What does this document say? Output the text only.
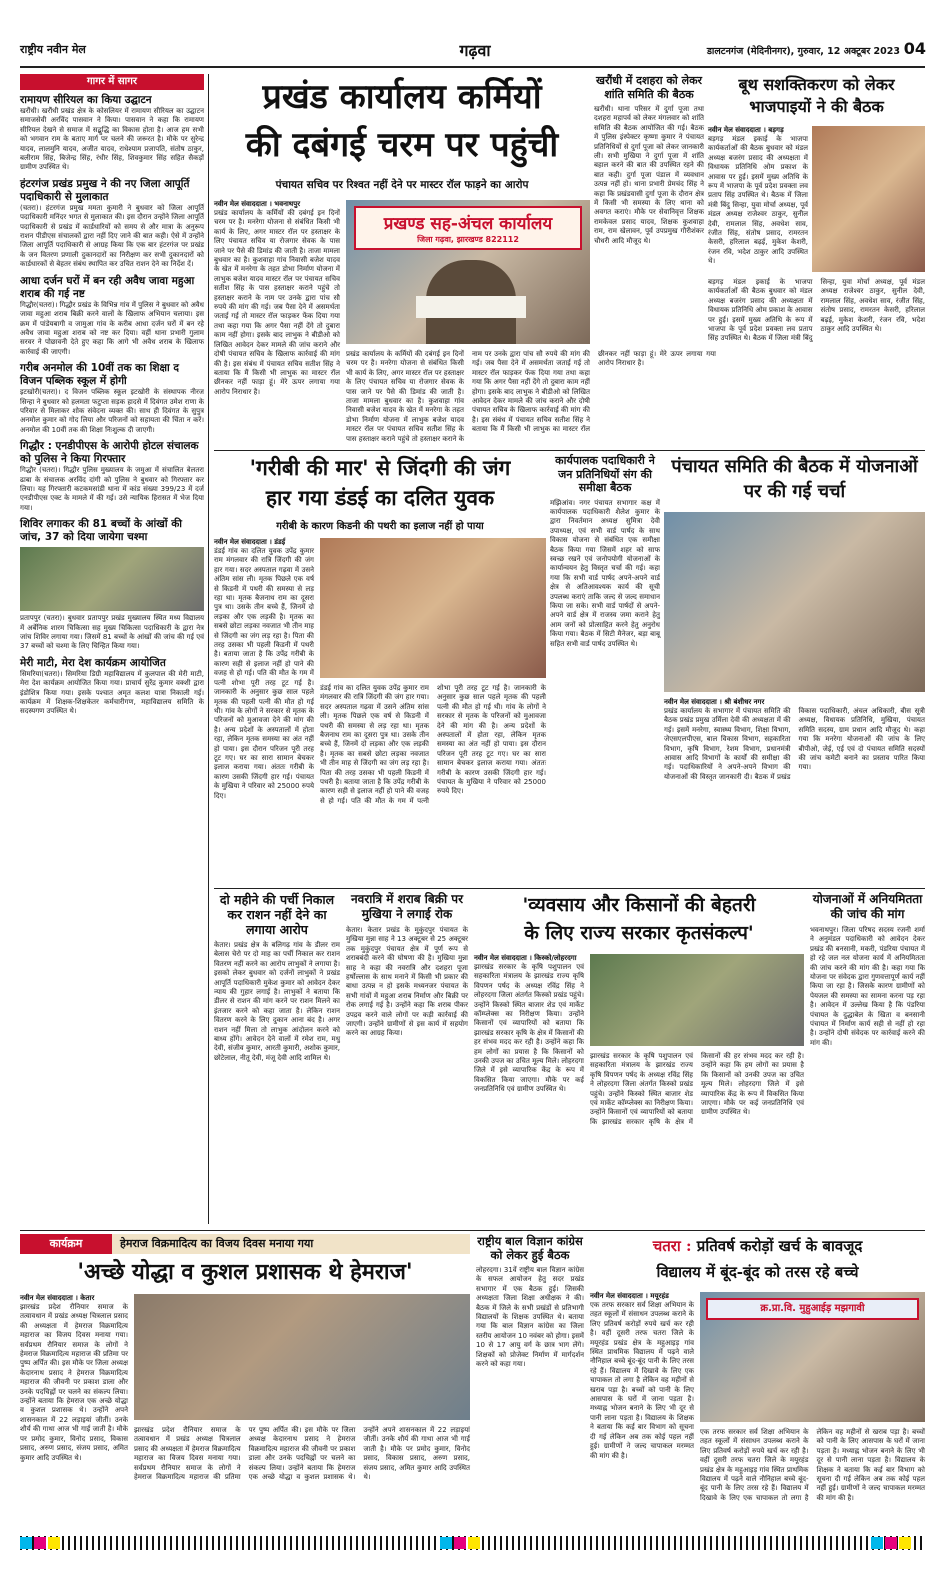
राष्ट्रीय नवीन मेल	गढ़वा	डालटनगंज (मेदिनीनगर), गुरुवार, 12 अक्टूबर 2023 04
गागर में सागर
रामायण सीरियल का किया उद्घाटन
खरौंधी। खरौंधी प्रखंड क्षेत्र के कोसलियर में रामायण सीरियल का उद्घाटन समाजसेवी अरविंद पासवान ने किया। पासवान ने कहा कि रामायण सीरियल देखने से समाज में सद्बुद्धि का विकास होता है। आज हम सभी को भगवान राम के बताए मार्ग पर चलने की जरूरत है। मौके पर सुरेन्द्र यादव, लालमुनि यादव, अजीत यादव, राधेश्याम प्रजापति, संतोष ठाकुर, बलीराम सिंह, बिजेन्द्र सिंह, रंधीर सिंह, शिवकुमार सिंह सहित सैकड़ों ग्रामीण उपस्थित थे।
हंटरगंज प्रखंड प्रमुख ने की नए जिला आपूर्ति पदाधिकारी से मुलाकात
(चतरा)। हंटरगंज प्रमुख ममता कुमारी ने बुधवार को जिला आपूर्ति पदाधिकारी मनिंदर भगत से मुलाकात की। इस दौरान उन्होंने जिला आपूर्ति पदाधिकारी से प्रखंड में कार्डधारियों को समय से और मात्रा के अनुरूप राशन पीडीएस संचालकों द्वारा नहीं दिए जाने की बात कही। ऐसे में उन्होंने जिला आपूर्ति पदाधिकारी से आग्रह किया कि एक बार हंटरगंज पर प्रखंड के जन वितरण प्रणाली दुकानदारों का निरीक्षण कर सभी दुकानदारों को कार्डधारकों से बेहतर संबंध स्थापित कर उचित राशन देने का निर्देश दें।
आधा दर्जन घरों में बन रही अवैध जावा महुआ शराब की गई नष्ट
गिद्धौर(चतरा)। गिद्धौर प्रखंड के विभिन्न गांव में पुलिस ने बुधवार को अवैध जावा महुआ शराब बिक्री करने वालों के खिलाफ अभियान चलाया। इस क्रम में पांडेयबागी व जामुआ गांव के करीब आधा दर्जन घरों में बन रहे अवैध जावा महुआ शराब को नष्ट कर दिया। वहीं थाना प्रभारी गुलाम सरवर ने पोछावनी देते हुए कहा कि आगे भी अवैध शराब के खिलाफ कार्रवाई की जाएगी।
गरीब अनमोल की 10वीं तक का शिक्षा द विजन पब्लिक स्कूल में होगी
इटखोरी(चतरा)। द विजन पब्लिक स्कूल इटखोरी के संस्थापक नीरज सिन्हा ने बुधवार को हलमता फटुप्ता सड़क हादसे में दिवंगत उमेश राणा के परिवार से मिलाकर शोक संवेदना व्यक्त की। साथ ही दिवंगत के सुपुत्र अनमोल कुमार को गोद लिया और परिजनों को सहायता की चिंता न करें। अनमोल की 10वीं तक की शिक्षा निःशुल्क दी जाएगी।
गिद्धौर : एनडीपीएस के आरोपी होटल संचालक को पुलिस ने किया गिरफ्तार
गिद्धौर (चतरा)। गिद्धौर पुलिस मुख्यालय के जमुआ में संचालित बेलतरा ढाबा के संचालक अरविंद दांगी को पुलिस ने बुधवार को गिरफ्तार कर लिया। यह गिरफ्तारी कटकमसांडी थाना में कांड संख्या 399/23 में दर्ज एनडीपीएस एक्ट के मामले में की गई। उसे न्यायिक हिरासत में भेज दिया गया।
शिविर लगाकर की 81 बच्चों के आंखों की जांच, 37 को दिया जायेगा चश्मा
प्रतापपुर (चतरा)। बुधवार प्रतापपुर प्रखंड मुख्यालय स्थित मध्य विद्यालय में अर्बेनिक शारम चिकित्सा सह मुख्य चिकित्सा पदाधिकारी के द्वारा नेत्र जांच शिविर लगाया गया। जिसमें 81 बच्चों के आंखों की जांच की गई एवं 37 बच्चों को चश्मा के लिए चिन्हित किया गया।
मेरी माटी, मेरा देश कार्यक्रम आयोजित
सिमरिया(चतरा)। सिमरिया डिग्री महाविद्यालय में कुलपाल की मेरी माटी, मेरा देश कार्यक्रम आयोजित किया गया। प्राचार्य सुरेंद्र कुमार वक्शी द्वारा इंडोशित्र किया गया। इसके पश्चात अमृत कलश यात्रा निकाली गई। कार्यक्रम में शिक्षक-शिक्षकेतर कर्मचारीगण, महाविद्यालय समिति के सदस्यगण उपस्थित थे।
प्रखंड कार्यालय कर्मियों
की दबंगई चरम पर पहुंची
पंचायत सचिव पर रिश्वत नहीं देने पर मास्टर रॉल फाड़ने का आरोप
नवीन मेल संवाददाता । भवनाथपुर
प्रखंड कार्यालय के कर्मियों की दबंगई इन दिनों चरम पर है। मनरेगा योजना से संबंधित किसी भी कार्य के लिए, अगर मास्टर रॉल पर हस्ताक्षर के लिए पंचायत सचिव या रोजगार सेवक के पास जाने पर पैसे की डिमांड की जाती है। ताजा मामला बुधवार का है। कुशवाहा गांव निवासी बजेश यादव के खेत में मनरेगा के तहत डोभा निर्माण योजना में लाभुक बजेश यादव मास्टर रॉल पर पंचायत सचिव सतीश सिंह के पास हस्ताक्षर कराने पहुंचे तो हस्ताक्षर कराने के नाम पर उनके द्वारा पांच सौ रुपये की मांग की गई। जब पैसा देने में असमर्थता जताई गई तो मास्टर रॉल फाड़कर फेंक दिया गया तथा कहा गया कि अगर पैसा नहीं देंगे तो दुबारा काम नहीं होगा। इसके बाद लाभुक ने बीडीओ को लिखित आवेदन देकर मामले की जांच कराने और दोषी पंचायत सचिव के खिलाफ कार्रवाई की मांग की है। इस संबंध में पंचायत सचिव सतीश सिंह ने बताया कि मैं किसी भी लाभुक का मास्टर रॉल छीनकर नहीं फाड़ा हूं। मेरे ऊपर लगाया गया आरोप निराधार है।
प्रखण्ड सह-अंचल कार्यालय
जिला गढ़वा, झारखण्ड 822112
प्रखंड कार्यालय के कर्मियों की दबंगई इन दिनों चरम पर है। मनरेगा योजना से संबंधित किसी भी कार्य के लिए, अगर मास्टर रॉल पर हस्ताक्षर के लिए पंचायत सचिव या रोजगार सेवक के पास जाने पर पैसे की डिमांड की जाती है। ताजा मामला बुधवार का है। कुशवाहा गांव निवासी बजेश यादव के खेत में मनरेगा के तहत डोभा निर्माण योजना में लाभुक बजेश यादव मास्टर रॉल पर पंचायत सचिव सतीश सिंह के पास हस्ताक्षर कराने पहुंचे तो हस्ताक्षर कराने के नाम पर उनके द्वारा पांच सौ रुपये की मांग की गई। जब पैसा देने में असमर्थता जताई गई तो मास्टर रॉल फाड़कर फेंक दिया गया तथा कहा गया कि अगर पैसा नहीं देंगे तो दुबारा काम नहीं होगा। इसके बाद लाभुक ने बीडीओ को लिखित आवेदन देकर मामले की जांच कराने और दोषी पंचायत सचिव के खिलाफ कार्रवाई की मांग की है। इस संबंध में पंचायत सचिव सतीश सिंह ने बताया कि मैं किसी भी लाभुक का मास्टर रॉल छीनकर नहीं फाड़ा हूं। मेरे ऊपर लगाया गया आरोप निराधार है।
खरौंधी में दशहरा को लेकर शांति समिति की बैठक
खरौंधी। थाना परिसर में दुर्गा पूजा तथा दशहरा महापर्व को लेकर मंगलवार को शांति समिति की बैठक आयोजित की गई। बैठक में पुलिस इंस्पेक्टर कृष्णा कुमार ने पंचायत प्रतिनिधियों से दुर्गा पूजा को लेकर जानकारी ली। सभी मुखिया ने दुर्गा पूजा में शांति बहाल करने की बात की उपस्थित रहने की बात कही। दुर्गा पूजा पंडाल में व्यवधान उत्पन्न नहीं हो। थाना प्रभारी प्रेमचंद सिंह ने कहा कि प्रखंडवासी दुर्गा पूजा के दौरान क्षेत्र में किसी भी समस्या के लिए थाना को अवगत कराएं। मौके पर सेवानिवृत्त शिक्षक रामकेवल प्रसाद यादव, शिक्षक कुशवाहा राम, राम खेलावन, पूर्व उपप्रमुख गौरीशंकर चौधरी आदि मौजूद थे।
बूथ सशक्तिकरण को लेकर भाजपाइयों ने की बैठक
नवीन मेल संवाददाता । बड़गड़
बड़गड़ मंडल इकाई के भाजपा कार्यकर्ताओं की बैठक बुधवार को मंडल अध्यक्ष बजरंग प्रसाद की अध्यक्षता में विधायक प्रतिनिधि ओम प्रकाश के आवास पर हुई। इसमें मुख्य अतिथि के रूप में भाजपा के पूर्व प्रदेश प्रवक्ता लव प्रताप सिंह उपस्थित थे। बैठक में जिला मंत्री बिंदु सिन्हा, युवा मोर्चा अध्यक्ष, पूर्व मंडल अध्यक्ष राजेश्वर ठाकुर, सुनील देवी, रामलाल सिंह, अवधेश साव, रंजीत सिंह, संतोष प्रसाद, रामरतन केसरी, हरिलाल बढ़ई, मुकेश केशरी, रंजन रवि, भदेश ठाकुर आदि उपस्थित थे।
बड़गड़ मंडल इकाई के भाजपा कार्यकर्ताओं की बैठक बुधवार को मंडल अध्यक्ष बजरंग प्रसाद की अध्यक्षता में विधायक प्रतिनिधि ओम प्रकाश के आवास पर हुई। इसमें मुख्य अतिथि के रूप में भाजपा के पूर्व प्रदेश प्रवक्ता लव प्रताप सिंह उपस्थित थे। बैठक में जिला मंत्री बिंदु सिन्हा, युवा मोर्चा अध्यक्ष, पूर्व मंडल अध्यक्ष राजेश्वर ठाकुर, सुनील देवी, रामलाल सिंह, अवधेश साव, रंजीत सिंह, संतोष प्रसाद, रामरतन केसरी, हरिलाल बढ़ई, मुकेश केशरी, रंजन रवि, भदेश ठाकुर आदि उपस्थित थे।
'गरीबी की मार' से जिंदगी की जंग
हार गया डंडई का दलित युवक
गरीबी के कारण किडनी की पथरी का इलाज नहीं हो पाया
नवीन मेल संवाददाता । डंडई
डंडई गांव का दलित युवक उपेंद्र कुमार राम मंगलवार की रात्रि जिंदगी की जंग हार गया। सदर अस्पताल गढ़वा में उसने अंतिम सांस ली। मृतक पिछले एक वर्ष से किडनी में पथरी की समस्या से लड़ रहा था। मृतक बैजनाथ राम का दूसरा पुत्र था। उसके तीन बच्चे हैं, जिनमें दो लड़का और एक लड़की है। मृतक का सबसे छोटा लड़का नवजात भी तीन माह से जिंदगी का जंग लड़ रहा है। पिता की तरह उसका भी पहली किडनी में पथरी है। बताया जाता है कि उपेंद्र गरीबी के कारण सही से इलाज नहीं हो पाने की वजह से हो गई। पति की मौत के गम में पत्नी शोभा पूरी तरह टूट गई है। जानकारी के अनुसार कुछ साल पहले मृतक की पहली पत्नी की मौत हो गई थी। गांव के लोगों ने सरकार से मृतक के परिजनों को मुआवजा देने की मांग की है। अन्य प्रदेशों के अस्पतालों में होता रहा, लेकिन मृतक समस्या का अंत नहीं हो पाया। इस दौरान परिजन पूरी तरह टूट गए। घर का सारा सामान बेचकर इलाज कराया गया। अंततः गरीबी के कारण उसकी जिंदगी हार गई। पंचायत के मुखिया ने परिवार को 25000 रुपये दिए।
डंडई गांव का दलित युवक उपेंद्र कुमार राम मंगलवार की रात्रि जिंदगी की जंग हार गया। सदर अस्पताल गढ़वा में उसने अंतिम सांस ली। मृतक पिछले एक वर्ष से किडनी में पथरी की समस्या से लड़ रहा था। मृतक बैजनाथ राम का दूसरा पुत्र था। उसके तीन बच्चे हैं, जिनमें दो लड़का और एक लड़की है। मृतक का सबसे छोटा लड़का नवजात भी तीन माह से जिंदगी का जंग लड़ रहा है। पिता की तरह उसका भी पहली किडनी में पथरी है। बताया जाता है कि उपेंद्र गरीबी के कारण सही से इलाज नहीं हो पाने की वजह से हो गई। पति की मौत के गम में पत्नी शोभा पूरी तरह टूट गई है। जानकारी के अनुसार कुछ साल पहले मृतक की पहली पत्नी की मौत हो गई थी। गांव के लोगों ने सरकार से मृतक के परिजनों को मुआवजा देने की मांग की है। अन्य प्रदेशों के अस्पतालों में होता रहा, लेकिन मृतक समस्या का अंत नहीं हो पाया। इस दौरान परिजन पूरी तरह टूट गए। घर का सारा सामान बेचकर इलाज कराया गया। अंततः गरीबी के कारण उसकी जिंदगी हार गई। पंचायत के मुखिया ने परिवार को 25000 रुपये दिए।
कार्यपालक पदाधिकारी ने जन प्रतिनिधियों संग की समीक्षा बैठक
मझिआंव। नगर पंचायत सभागार कक्ष में कार्यपालक पदाधिकारी शैलेश कुमार के द्वारा निवर्तमान अध्यक्ष सुमित्रा देवी उपाध्यक्ष, एवं सभी वार्ड पार्षद के साथ विकास योजना से संबंधित एक समीक्षा बैठक किया गया जिसमें शहर को साफ स्वच्छ रखने एवं जनोपयोगी योजनाओं के कार्यान्वयन हेतु विस्तृत चर्चा की गई। कहा गया कि सभी वार्ड पार्षद अपने-अपने वार्ड क्षेत्र से अतिआवश्यक कार्य की सूची उपलब्ध कराएं ताकि जल्द से जल्द समाधान किया जा सके। सभी वार्ड पार्षदों से अपने-अपने वार्ड क्षेत्र में राजस्व जमा कराने हेतु आम जनों को प्रोत्साहित करने हेतु अनुरोध किया गया। बैठक में सिटी मैनेजर, बड़ा बाबू सहित सभी वार्ड पार्षद उपस्थित थे।
पंचायत समिति की बैठक में योजनाओं पर की गई चर्चा
नवीन मेल संवाददाता । श्री बंशीधर नगर
प्रखंड कार्यालय के सभागार में पंचायत समिति की बैठक प्रखंड प्रमुख उर्मिला देवी की अध्यक्षता में की गई। इसमें मनरेगा, स्वास्थ्य विभाग, शिक्षा विभाग, जेएसएलपीएस, बाल विकास विभाग, सहकारिता विभाग, कृषि विभाग, रेशम विभाग, प्रधानमंत्री आवास आदि विभागों के कार्यों की समीक्षा की गई। पदाधिकारियों ने अपने-अपने विभाग की योजनाओं की विस्तृत जानकारी दी। बैठक में प्रखंड विकास पदाधिकारी, अंचल अधिकारी, बीस सूत्री अध्यक्ष, विधायक प्रतिनिधि, मुखिया, पंचायत समिति सदस्य, ग्राम प्रधान आदि मौजूद थे। कहा गया कि मनरेगा योजनाओं की जांच के लिए बीपीओ, जेई, एई एवं दो पंचायत समिति सदस्यों की जांच कमेटी बनाने का प्रस्ताव पारित किया गया।
दो महीने की पर्ची निकाल कर राशन नहीं देने का लगाया आरोप
केतार। प्रखंड क्षेत्र के बलिगढ़ गांव के डीलर राम बेलास चेरो पर दो माह का पर्ची निकाल कर राशन वितरण नहीं करने का आरोप लाभुकों ने लगाया है। इसको लेकर बुधवार को दर्जनों लाभुकों ने प्रखंड आपूर्ति पदाधिकारी मुकेश कुमार को आवेदन देकर न्याय की गुहार लगाई है। लाभुकों ने बताया कि डीलर से राशन की मांग करने पर राशन मिलने का इंतजार करने को कहा जाता है। लेकिन राशन वितरण करने के लिए दुकान आना बंद है। अगर राशन नहीं मिला तो लाभुक आंदोलन करने को बाध्य होंगे। आवेदन देने वालों में रमेश राम, मधु देवी, संजीव कुमार, आरती कुमारी, अशोक कुमार, छोटेलाल, नीतू देवी, मंजू देवी आदि शामिल थे।
नवरात्रि में शराब बिक्री पर मुखिया ने लगाई रोक
केतार। केतार प्रखंड के मुकुंदपुर पंचायत के मुखिया मुन्ना साह ने 13 अक्टूबर से 25 अक्टूबर तक मुकुंदपुर पंचायत क्षेत्र में पूर्ण रूप से शराबबंदी करने की घोषणा की है। मुखिया मुन्ना साह ने कहा की नवरात्रि और दशहरा पूजा हर्षोल्लास के साथ मनाने में किसी भी प्रकार की बाधा उत्पन्न न हो इसके मध्यनजर पंचायत के सभी गांवों में महुआ शराब निर्माण और बिक्री पर रोक लगाई गई है। उन्होंने कहा कि शराब पीकर उपद्रव करने वाले लोगों पर कड़ी कार्रवाई की जाएगी। उन्होंने ग्रामीणों से इस कार्य में सहयोग करने का आग्रह किया।
'व्यवसाय और किसानों की बेहतरी
के लिए राज्य सरकार कृतसंकल्प'
नवीन मेल संवाददाता । किस्को/लोहरदगा
झारखंड सरकार के कृषि पशुपालन एवं सहकारिता मंत्रालय के झारखंड राज्य कृषि विपणन पर्षद के अध्यक्ष रविंद्र सिंह ने लोहरदगा जिला अंतर्गत किस्को प्रखंड पहुंचे। उन्होंने किस्को स्थित बाजार शेड एवं मार्केट कॉम्प्लेक्स का निरीक्षण किया। उन्होंने किसानों एवं व्यापारियों को बताया कि झारखंड सरकार कृषि के क्षेत्र में किसानों की हर संभव मदद कर रही है। उन्होंने कहा कि हम लोगों का प्रयास है कि किसानों को उनकी उपज का उचित मूल्य मिले। लोहरदगा जिले में इसे व्यापारिक केंद्र के रूप में विकसित किया जाएगा। मौके पर कई जनप्रतिनिधि एवं ग्रामीण उपस्थित थे।
झारखंड सरकार के कृषि पशुपालन एवं सहकारिता मंत्रालय के झारखंड राज्य कृषि विपणन पर्षद के अध्यक्ष रविंद्र सिंह ने लोहरदगा जिला अंतर्गत किस्को प्रखंड पहुंचे। उन्होंने किस्को स्थित बाजार शेड एवं मार्केट कॉम्प्लेक्स का निरीक्षण किया। उन्होंने किसानों एवं व्यापारियों को बताया कि झारखंड सरकार कृषि के क्षेत्र में किसानों की हर संभव मदद कर रही है। उन्होंने कहा कि हम लोगों का प्रयास है कि किसानों को उनकी उपज का उचित मूल्य मिले। लोहरदगा जिले में इसे व्यापारिक केंद्र के रूप में विकसित किया जाएगा। मौके पर कई जनप्रतिनिधि एवं ग्रामीण उपस्थित थे।
योजनाओं में अनियमितता की जांच की मांग
भवनाथपुर। जिला परिषद सदस्य रजनी शर्मा ने अनुमंडल पदाधिकारी को आवेदन देकर प्रखंड की बनसानी, मकरी, पंडरिया पंचायत में हो रहे जल नल योजना कार्य में अनियमितता की जांच करने की मांग की है। कहा गया कि योजना पर संवेदक द्वारा गुणवत्तापूर्ण कार्य नहीं किया जा रहा है। जिसके कारण ग्रामीणों को पेयजल की समस्या का सामना करना पड़ रहा है। आवेदन में उल्लेख किया है कि पंडरिया पंचायत के दुद्धाबेल के खिता व बनसानी पंचायत में निर्माण कार्य सही से नहीं हो रहा है। उन्होंने दोषी संवेदक पर कार्रवाई करने की मांग की।
कार्यक्रम	हेमराज विक्रमादित्य का विजय दिवस मनाया गया
'अच्छे योद्धा व कुशल प्रशासक थे हेमराज'
नवीन मेल संवाददाता । केतार
झारखंड प्रदेश रौनियार समाज के तत्वावधान में प्रखंड अध्यक्ष चित्रलाल प्रसाद की अध्यक्षता में हेमराज विक्रमादित्य महाराज का विजय दिवस मनाया गया। सर्वप्रथम रौनियार समाज के लोगों ने हेमराज विक्रमादित्य महाराज की प्रतिमा पर पुष्प अर्पित की। इस मौके पर जिला अध्यक्ष केदारनाथ प्रसाद ने हेमराज विक्रमादित्य महाराज की जीवनी पर प्रकाश डाला और उनके पदचिह्नों पर चलने का संकल्प लिया। उन्होंने बताया कि हेमराज एक अच्छे योद्धा व कुशल प्रशासक थे। उन्होंने अपने शासनकाल में 22 लड़ाइयां जीतीं। उनके शौर्य की गाथा आज भी गाई जाती है। मौके पर प्रमोद कुमार, विनोद प्रसाद, विकास प्रसाद, अरुण प्रसाद, संजय प्रसाद, अमित कुमार आदि उपस्थित थे।
झारखंड प्रदेश रौनियार समाज के तत्वावधान में प्रखंड अध्यक्ष चित्रलाल प्रसाद की अध्यक्षता में हेमराज विक्रमादित्य महाराज का विजय दिवस मनाया गया। सर्वप्रथम रौनियार समाज के लोगों ने हेमराज विक्रमादित्य महाराज की प्रतिमा पर पुष्प अर्पित की। इस मौके पर जिला अध्यक्ष केदारनाथ प्रसाद ने हेमराज विक्रमादित्य महाराज की जीवनी पर प्रकाश डाला और उनके पदचिह्नों पर चलने का संकल्प लिया। उन्होंने बताया कि हेमराज एक अच्छे योद्धा व कुशल प्रशासक थे। उन्होंने अपने शासनकाल में 22 लड़ाइयां जीतीं। उनके शौर्य की गाथा आज भी गाई जाती है। मौके पर प्रमोद कुमार, विनोद प्रसाद, विकास प्रसाद, अरुण प्रसाद, संजय प्रसाद, अमित कुमार आदि उपस्थित थे।
राष्ट्रीय बाल विज्ञान कांग्रेस को लेकर हुई बैठक
लोहरदगा। 31वें राष्ट्रीय बाल विज्ञान कांग्रेस के सफल आयोजन हेतु सदर प्रखंड सभागार में एक बैठक हुई। जिसकी अध्यक्षता जिला शिक्षा अधीक्षक ने की। बैठक में जिले के सभी प्रखंडों से प्रतिभागी विद्यालयों के शिक्षक उपस्थित थे। बताया गया कि बाल विज्ञान कांग्रेस का जिला स्तरीय आयोजन 10 नवंबर को होगा। इसमें 10 से 17 आयु वर्ग के छात्र भाग लेंगे। शिक्षकों को प्रोजेक्ट निर्माण में मार्गदर्शन करने को कहा गया।
चतरा : प्रतिवर्ष करोड़ों खर्च के बावजूद
विद्यालय में बूंद-बूंद को तरस रहे बच्चे
नवीन मेल संवाददाता । मयूरहंड
एक तरफ सरकार सर्व शिक्षा अभियान के तहत स्कूलों में संसाधन उपलब्ध कराने के लिए प्रतिवर्ष करोड़ों रुपये खर्च कर रही है। वहीं दूसरी तरफ चतरा जिले के मयूरहंड प्रखंड क्षेत्र के महुआइड़ गांव स्थित प्राथमिक विद्यालय में पढ़ने वाले नौनिहाल बच्चे बूंद-बूंद पानी के लिए तरस रहे हैं। विद्यालय में दिखावे के लिए एक चापाकल तो लगा है लेकिन वह महीनों से खराब पड़ा है। बच्चों को पानी के लिए आसपास के घरों में जाना पड़ता है। मध्याह्न भोजन बनाने के लिए भी दूर से पानी लाना पड़ता है। विद्यालय के शिक्षक ने बताया कि कई बार विभाग को सूचना दी गई लेकिन अब तक कोई पहल नहीं हुई। ग्रामीणों ने जल्द चापाकल मरम्मत की मांग की है।
क्र.प्रा.वि. मुहुआईड़ मझगावी
एक तरफ सरकार सर्व शिक्षा अभियान के तहत स्कूलों में संसाधन उपलब्ध कराने के लिए प्रतिवर्ष करोड़ों रुपये खर्च कर रही है। वहीं दूसरी तरफ चतरा जिले के मयूरहंड प्रखंड क्षेत्र के महुआइड़ गांव स्थित प्राथमिक विद्यालय में पढ़ने वाले नौनिहाल बच्चे बूंद-बूंद पानी के लिए तरस रहे हैं। विद्यालय में दिखावे के लिए एक चापाकल तो लगा है लेकिन वह महीनों से खराब पड़ा है। बच्चों को पानी के लिए आसपास के घरों में जाना पड़ता है। मध्याह्न भोजन बनाने के लिए भी दूर से पानी लाना पड़ता है। विद्यालय के शिक्षक ने बताया कि कई बार विभाग को सूचना दी गई लेकिन अब तक कोई पहल नहीं हुई। ग्रामीणों ने जल्द चापाकल मरम्मत की मांग की है।
